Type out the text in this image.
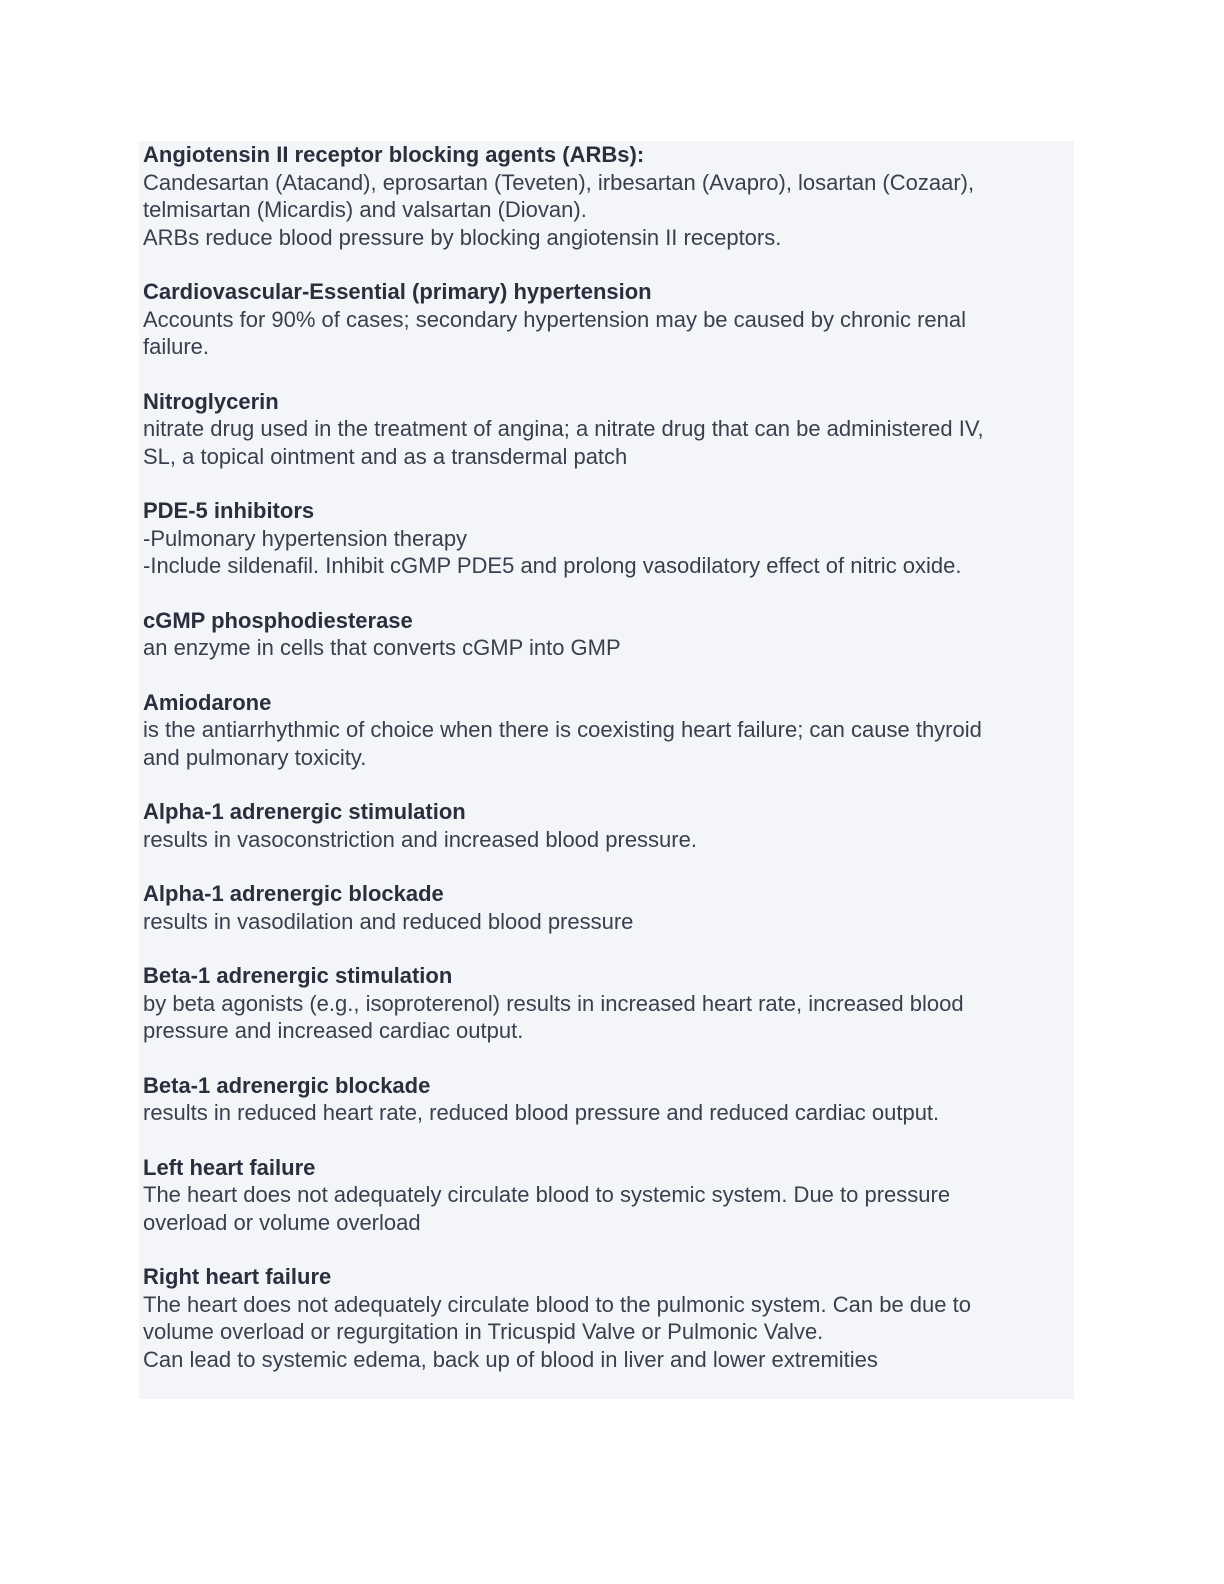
Angiotensin II receptor blocking agents (ARBs):

Candesartan (Atacand), eprosartan (Teveten), irbesartan (Avapro), losartan (Cozaar),

telmisartan (Micardis) and valsartan (Diovan).

ARBs reduce blood pressure by blocking angiotensin II receptors.

Cardiovascular-Essential (primary) hypertension

Accounts for 90% of cases; secondary hypertension may be caused by chronic renal

failure.

Nitroglycerin

nitrate drug used in the treatment of angina; a nitrate drug that can be administered IV,

SL, a topical ointment and as a transdermal patch

PDE-5 inhibitors

-Pulmonary hypertension therapy

-Include sildenafil. Inhibit cGMP PDE5 and prolong vasodilatory effect of nitric oxide.

cGMP phosphodiesterase

an enzyme in cells that converts cGMP into GMP

Amiodarone

is the antiarrhythmic of choice when there is coexisting heart failure; can cause thyroid

and pulmonary toxicity.

Alpha-1 adrenergic stimulation

results in vasoconstriction and increased blood pressure.

Alpha-1 adrenergic blockade

results in vasodilation and reduced blood pressure

Beta-1 adrenergic stimulation

by beta agonists (e.g., isoproterenol) results in increased heart rate, increased blood

pressure and increased cardiac output.

Beta-1 adrenergic blockade

results in reduced heart rate, reduced blood pressure and reduced cardiac output.

Left heart failure

The heart does not adequately circulate blood to systemic system. Due to pressure

overload or volume overload

Right heart failure

The heart does not adequately circulate blood to the pulmonic system. Can be due to

volume overload or regurgitation in Tricuspid Valve or Pulmonic Valve.

Can lead to systemic edema, back up of blood in liver and lower extremities
